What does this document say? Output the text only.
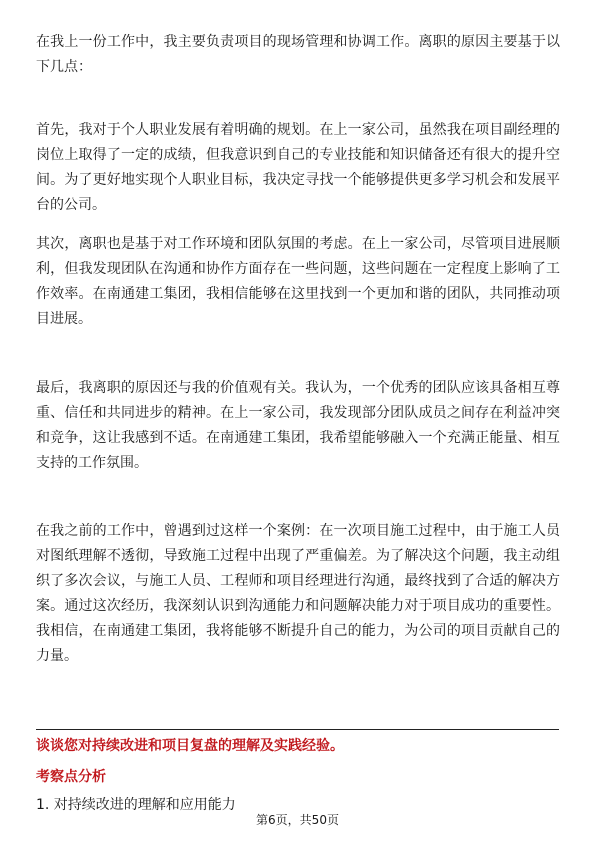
在我上一份工作中，我主要负责项目的现场管理和协调工作。离职的原因主要基于以下几点：

首先，我对于个人职业发展有着明确的规划。在上一家公司，虽然我在项目副经理的岗位上取得了一定的成绩，但我意识到自己的专业技能和知识储备还有很大的提升空间。为了更好地实现个人职业目标，我决定寻找一个能够提供更多学习机会和发展平台的公司。

其次，离职也是基于对工作环境和团队氛围的考虑。在上一家公司，尽管项目进展顺利，但我发现团队在沟通和协作方面存在一些问题，这些问题在一定程度上影响了工作效率。在南通建工集团，我相信能够在这里找到一个更加和谐的团队，共同推动项目进展。

最后，我离职的原因还与我的价值观有关。我认为，一个优秀的团队应该具备相互尊重、信任和共同进步的精神。在上一家公司，我发现部分团队成员之间存在利益冲突和竞争，这让我感到不适。在南通建工集团，我希望能够融入一个充满正能量、相互支持的工作氛围。

在我之前的工作中，曾遇到过这样一个案例：在一次项目施工过程中，由于施工人员对图纸理解不透彻，导致施工过程中出现了严重偏差。为了解决这个问题，我主动组织了多次会议，与施工人员、工程师和项目经理进行沟通，最终找到了合适的解决方案。通过这次经历，我深刻认识到沟通能力和问题解决能力对于项目成功的重要性。我相信，在南通建工集团，我将能够不断提升自己的能力，为公司的项目贡献自己的力量。

谈谈您对持续改进和项目复盘的理解及实践经验。
考察点分析
1. 对持续改进的理解和应用能力
第6页，共50页
